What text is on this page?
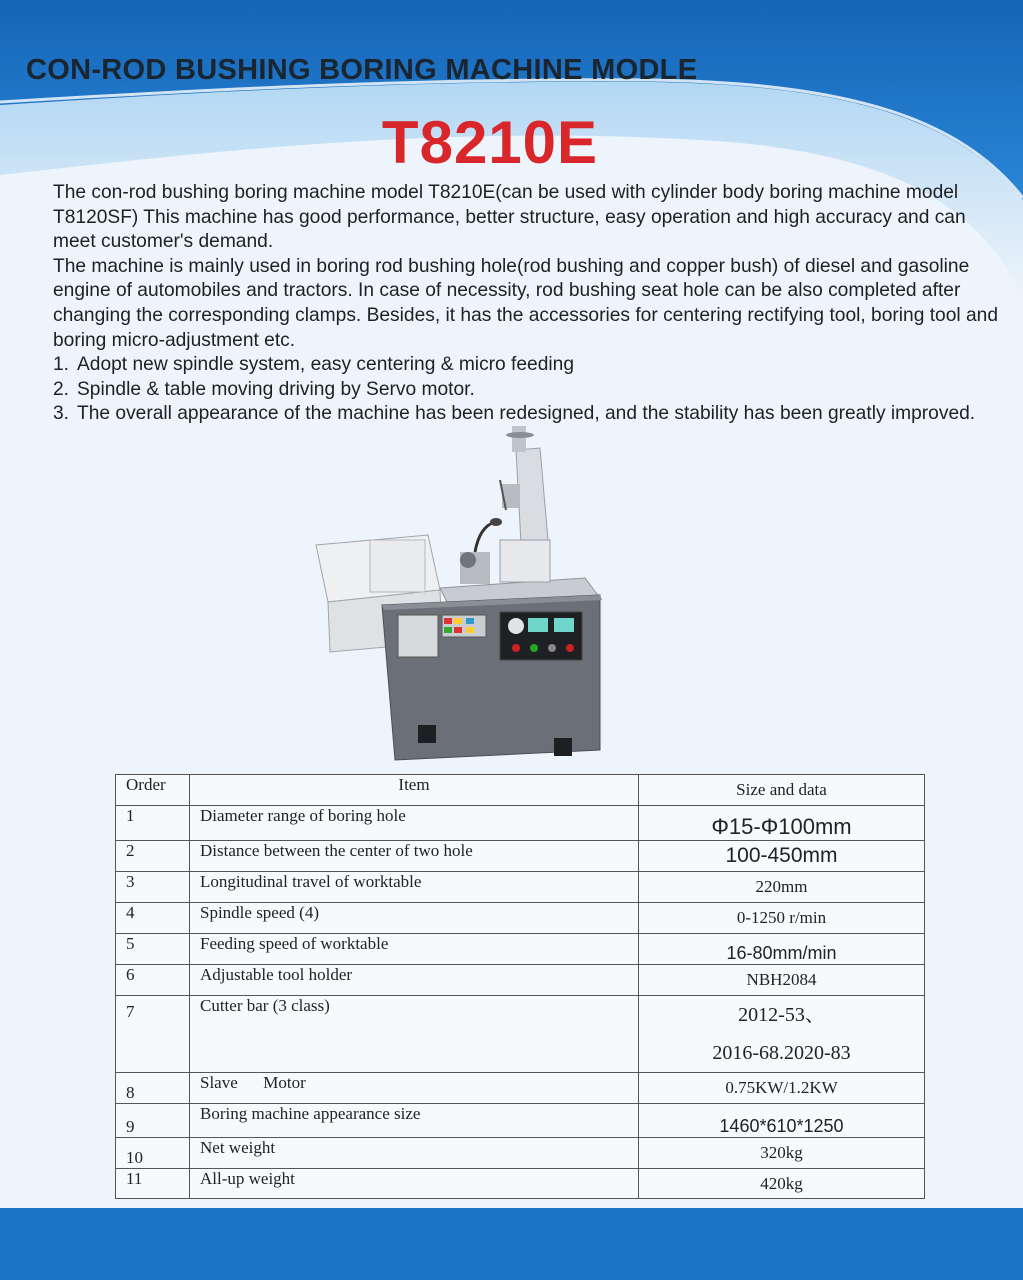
CON-ROD BUSHING BORING MACHINE MODLE
T8210E

The con-rod bushing boring machine model T8210E(can be used with cylinder body boring machine model T8120SF) This machine has good performance, better structure, easy operation and high accuracy and can meet customer's demand.

The machine is mainly used in boring rod bushing hole(rod bushing and copper bush) of diesel and gasoline engine of automobiles and tractors. In case of necessity, rod bushing seat hole can be also completed after changing the corresponding clamps. Besides, it has the accessories for centering rectifying tool, boring tool and boring micro-adjustment etc.

1. Adopt new spindle system, easy centering & micro feeding
2. Spindle & table moving driving by Servo motor.
3. The overall appearance of the machine has been redesigned, and the stability has been greatly improved.
Order	Item	Size and data
1	Diameter range of boring hole	Φ15-Φ100mm
2	Distance between the center of two hole	100-450mm
3	Longitudinal travel of worktable	220mm
4	Spindle speed (4)	0-1250 r/min
5	Feeding speed of worktable	16-80mm/min
6	Adjustable tool holder	NBH2084
7	Cutter bar (3 class)	2012-53、
2016-68.2020-83

8	Slave      Motor	0.75KW/1.2KW
9	Boring machine appearance size	1460*610*1250
10	Net weight	320kg
11	All-up weight	420kg
